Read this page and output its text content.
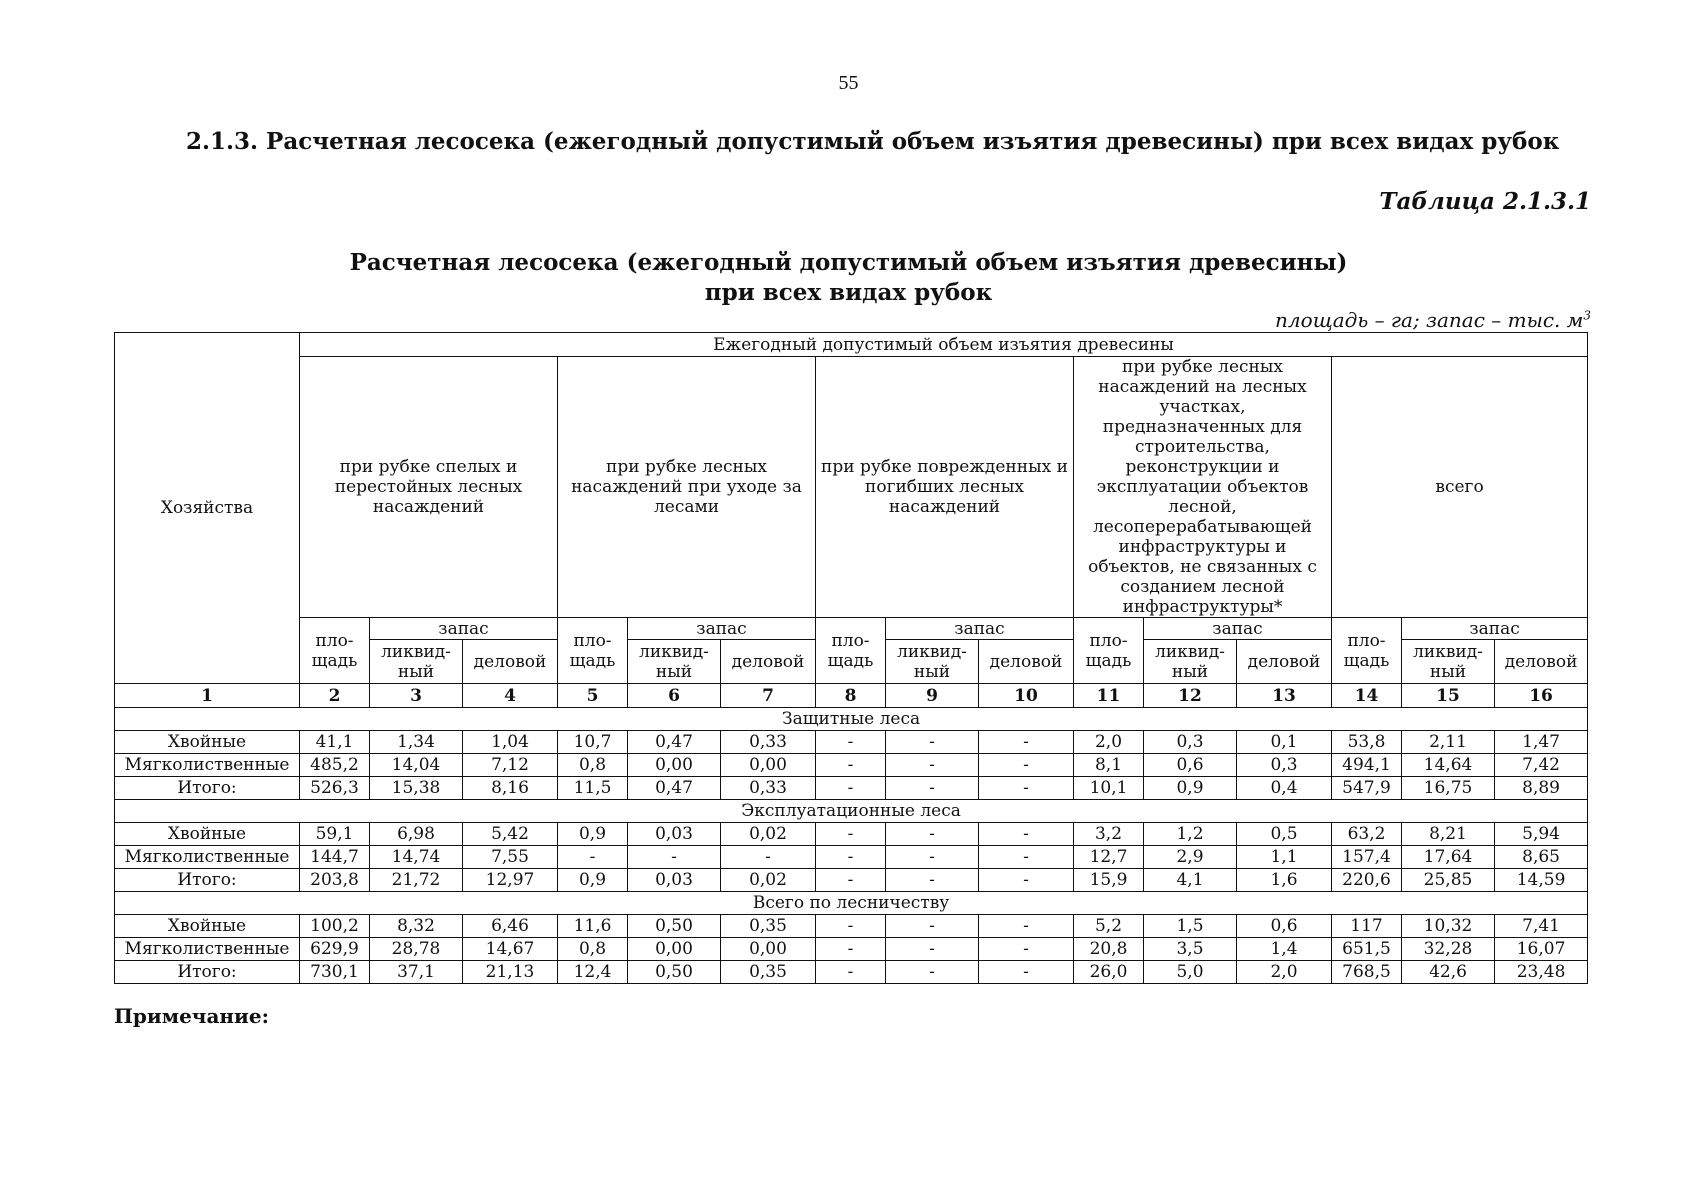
55
2.1.3. Расчетная лесосека (ежегодный допустимый объем изъятия древесины) при всех видах рубок
Таблица 2.1.3.1
Расчетная лесосека (ежегодный допустимый объем изъятия древесины)
при всех видах рубок
площадь – га; запас – тыс. $м^3$
Хозяйства	Ежегодный допустимый объем изъятия древесины														
	при рубке спелых и перестойных лесных насаждений			при рубке лесных насаждений при уходе за лесами			при рубке поврежденных и погибших лесных насаждений			при рубке лесных насаждений на лесных участках, предназначенных для строительства, реконструкции и эксплуатации объектов лесной, лесоперерабатывающей инфраструктуры и объектов, не связанных с созданием лесной инфраструктуры*			всего		
	пло-щадь	запас		пло-щадь	запас		пло-щадь	запас		пло-щадь	запас		пло-щадь	запас	
		ликвид-ный	деловой		ликвид-ный	деловой		ликвид-ный	деловой		ликвид-ный	деловой		ликвид-ный	деловой
1	2	3	4	5	6	7	8	9	10	11	12	13	14	15	16
Защитные леса															
Хвойные	41,1	1,34	1,04	10,7	0,47	0,33	-	-	-	2,0	0,3	0,1	53,8	2,11	1,47
Мягколиственные	485,2	14,04	7,12	0,8	0,00	0,00	-	-	-	8,1	0,6	0,3	494,1	14,64	7,42
Итого:	526,3	15,38	8,16	11,5	0,47	0,33	-	-	-	10,1	0,9	0,4	547,9	16,75	8,89
Эксплуатационные леса															
Хвойные	59,1	6,98	5,42	0,9	0,03	0,02	-	-	-	3,2	1,2	0,5	63,2	8,21	5,94
Мягколиственные	144,7	14,74	7,55	-	-	-	-	-	-	12,7	2,9	1,1	157,4	17,64	8,65
Итого:	203,8	21,72	12,97	0,9	0,03	0,02	-	-	-	15,9	4,1	1,6	220,6	25,85	14,59
Всего по лесничеству															
Хвойные	100,2	8,32	6,46	11,6	0,50	0,35	-	-	-	5,2	1,5	0,6	117	10,32	7,41
Мягколиственные	629,9	28,78	14,67	0,8	0,00	0,00	-	-	-	20,8	3,5	1,4	651,5	32,28	16,07
Итого:	730,1	37,1	21,13	12,4	0,50	0,35	-	-	-	26,0	5,0	2,0	768,5	42,6	23,48
Примечание:
